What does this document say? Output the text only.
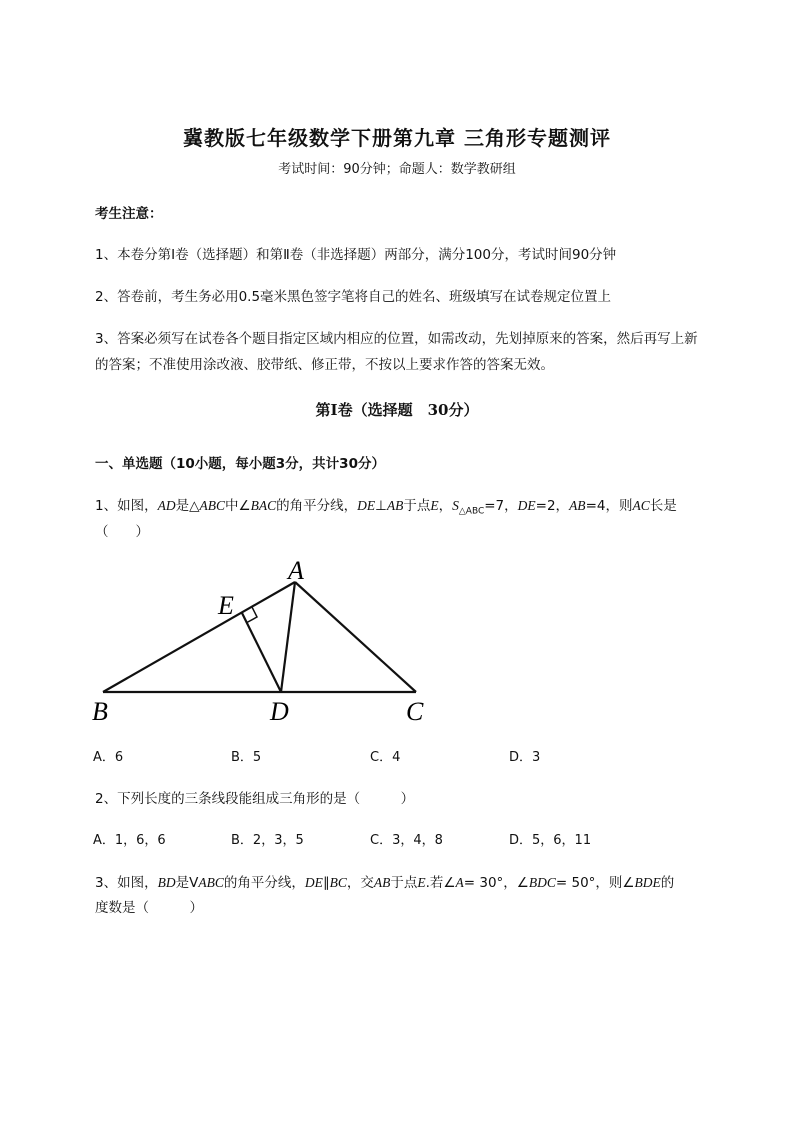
冀教版七年级数学下册第九章 三角形专题测评
考试时间：90分钟；命题人：数学教研组
考生注意：
1、本卷分第I卷（选择题）和第Ⅱ卷（非选择题）两部分，满分100分，考试时间90分钟
2、答卷前，考生务必用0.5毫米黑色签字笔将自己的姓名、班级填写在试卷规定位置上
3、答案必须写在试卷各个题目指定区域内相应的位置，如需改动，先划掉原来的答案，然后再写上新
的答案；不准使用涂改液、胶带纸、修正带，不按以上要求作答的答案无效。
第I卷（选择题　30分）
一、单选题（10小题，每小题3分，共计30分）
1、如图，AD是△ABC中∠BAC的角平分线，DE⊥AB于点E，$S_{\triangle ABC}=7$，DE=2，AB=4，则AC长是
（　　）
A
E
B	D	C
A．6	B．5	C．4	D．3
2、下列长度的三条线段能组成三角形的是（　　　）
A．1，6，6	B．2，3，5	C．3，4，8	D．5，6，11
3、如图，BD是VABC的角平分线，DE∥BC，交AB于点E.若∠A= 30°，∠BDC= 50°，则∠BDE的
度数是（　　　）
